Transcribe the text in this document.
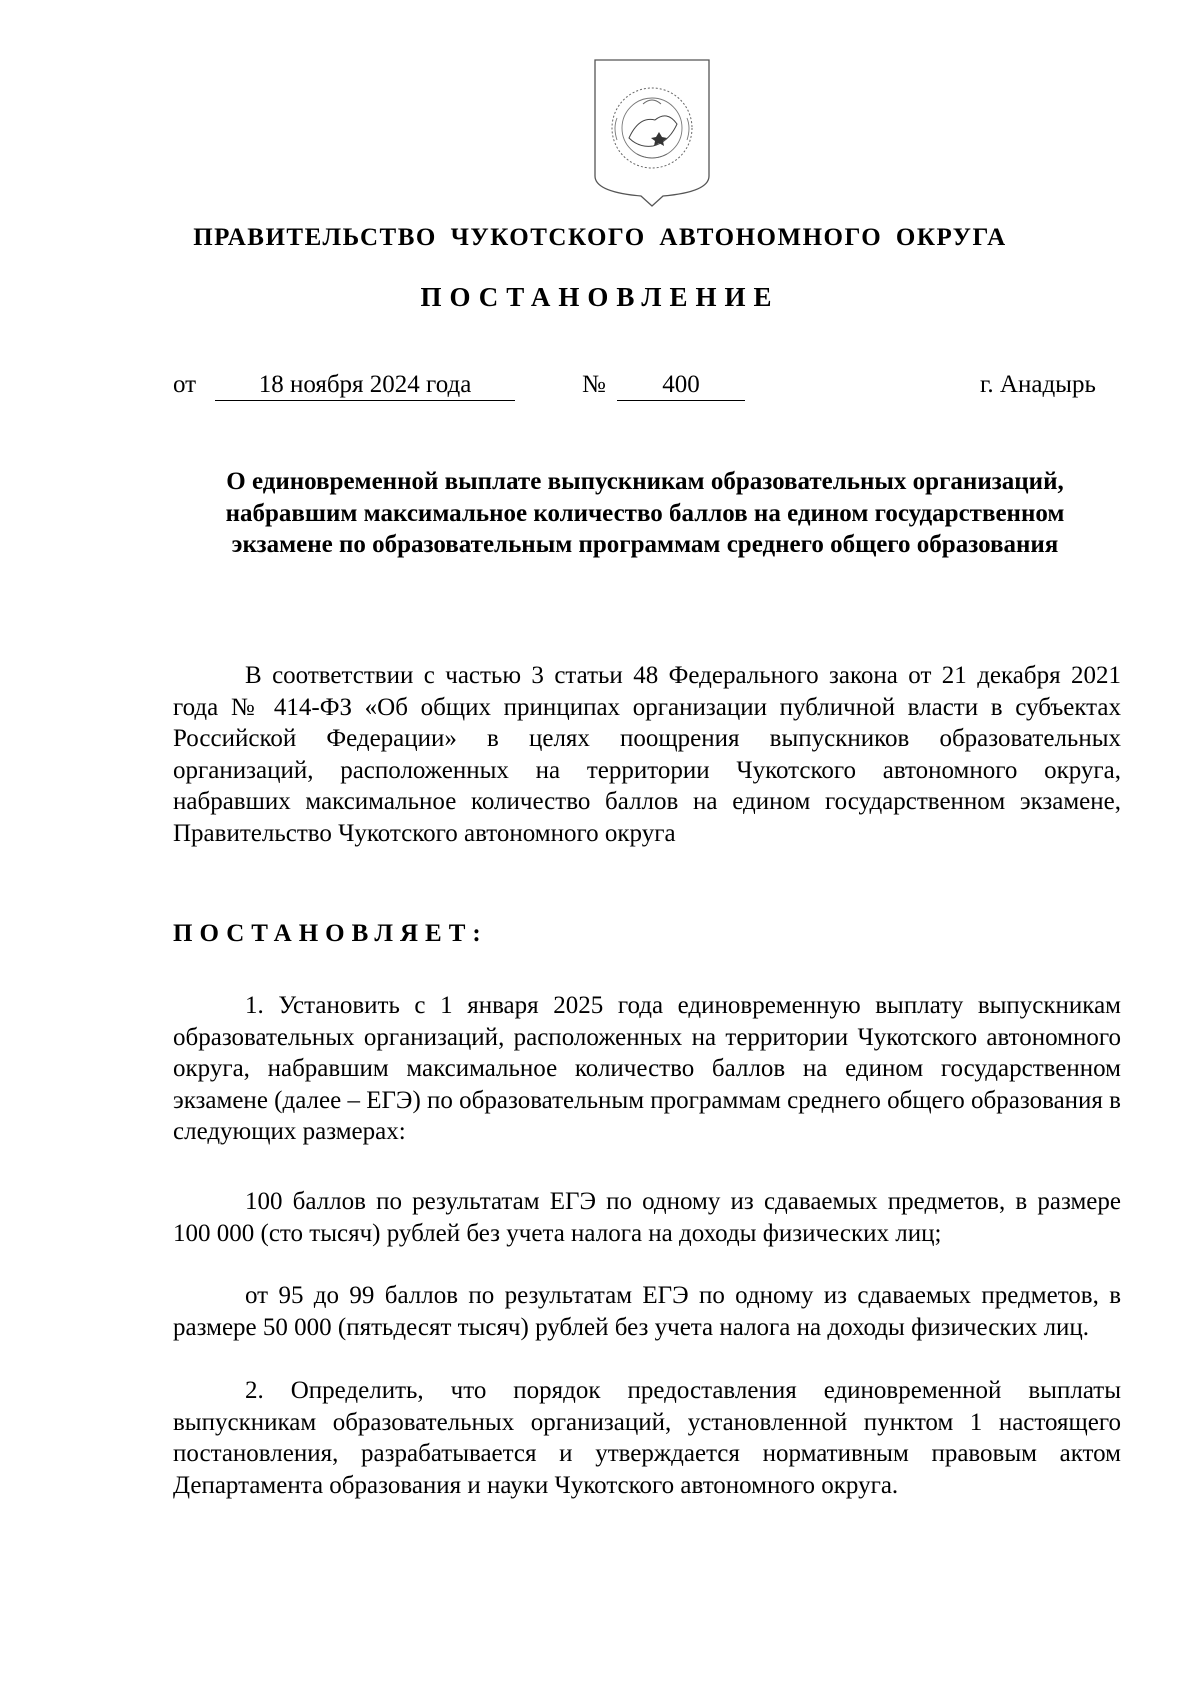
ПРАВИТЕЛЬСТВО ЧУКОТСКОГО АВТОНОМНОГО ОКРУГА
ПОСТАНОВЛЕНИЕ
от	18 ноября 2024 года	№	400	г. Анадырь
О единовременной выплате выпускникам образовательных организаций, набравшим максимальное количество баллов на едином государственном экзамене по образовательным программам среднего общего образования

В соответствии с частью 3 статьи 48 Федерального закона от 21 декабря 2021 года № 414-ФЗ «Об общих принципах организации публичной власти в субъектах Российской Федерации» в целях поощрения выпускников образовательных организаций, расположенных на территории Чукотского автономного округа, набравших максимальное количество баллов на едином государственном экзамене, Правительство Чукотского автономного округа

ПОСТАНОВЛЯЕТ:

1. Установить с 1 января 2025 года единовременную выплату выпускникам образовательных организаций, расположенных на территории Чукотского автономного округа, набравшим максимальное количество баллов на едином государственном экзамене (далее – ЕГЭ) по образовательным программам среднего общего образования в следующих размерах:

100 баллов по результатам ЕГЭ по одному из сдаваемых предметов, в размере 100 000 (сто тысяч) рублей без учета налога на доходы физических лиц;

от 95 до 99 баллов по результатам ЕГЭ по одному из сдаваемых предметов, в размере 50 000 (пятьдесят тысяч) рублей без учета налога на доходы физических лиц.

2. Определить, что порядок предоставления единовременной выплаты выпускникам образовательных организаций, установленной пунктом 1 настоящего постановления, разрабатывается и утверждается нормативным правовым актом Департамента образования и науки Чукотского автономного округа.
